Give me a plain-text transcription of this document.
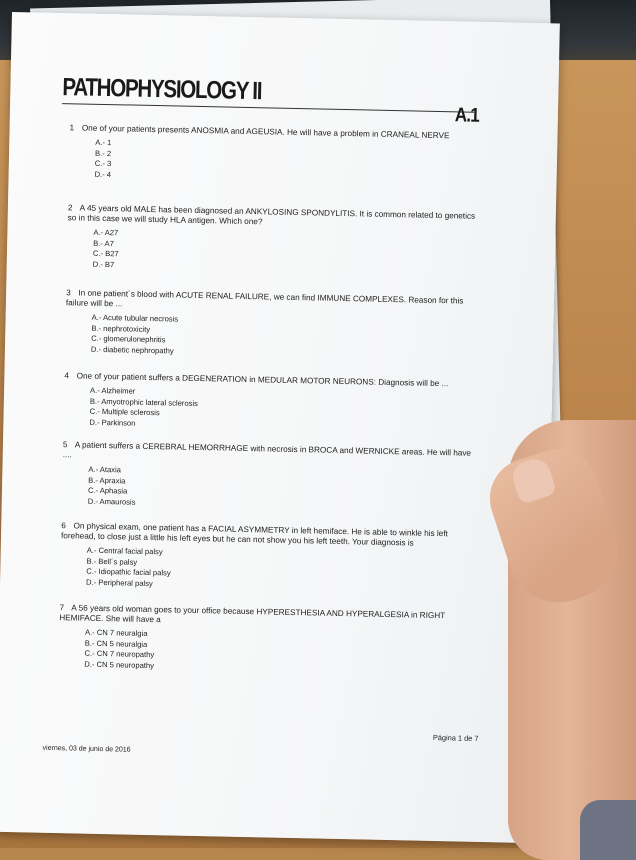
PATHOPHYSIOLOGY II
A.1
1 One of your patients presents ANOSMIA and AGEUSIA. He will have a problem in CRANEAL NERVE
A.- 1
B.- 2
C.- 3
D.- 4
2 A 45 years old MALE has been diagnosed an ANKYLOSING SPONDYLITIS. It is common related to genetics so in this case we will study HLA antigen. Which one?
A.- A27
B.- A7
C.- B27
D.- B7
3 In one patient´s blood with ACUTE RENAL FAILURE, we can find IMMUNE COMPLEXES. Reason for this failure will be ...
A.- Acute tubular necrosis
B.- nephrotoxicity
C.- glomerulonephritis
D.- diabetic nephropathy
4 One of your patient suffers a DEGENERATION in MEDULAR MOTOR NEURONS: Diagnosis will be ...
A.- Alzheimer
B.- Amyotrophic lateral sclerosis
C.- Multiple sclerosis
D.- Parkinson
5 A patient suffers a CEREBRAL HEMORRHAGE with necrosis in BROCA and WERNICKE areas. He will have ....
A.- Ataxia
B.- Apraxia
C.- Aphasia
D.- Amaurosis
6 On physical exam, one patient has a FACIAL ASYMMETRY in left hemiface. He is able to winkle his left forehead, to close just a little his left eyes but he can not show you his left teeth. Your diagnosis is
A.- Central facial palsy
B.- Bell´s palsy
C.- Idiopathic facial palsy
D.- Peripheral palsy
7 A 56 years old woman goes to your office because HYPERESTHESIA AND HYPERALGESIA in RIGHT HEMIFACE. She will have a
A.- CN 7 neuralgia
B.- CN 5 neuralgia
C.- CN 7 neuropathy
D.- CN 5 neuropathy
Página 1 de 7
viernes, 03 de junio de 2016
